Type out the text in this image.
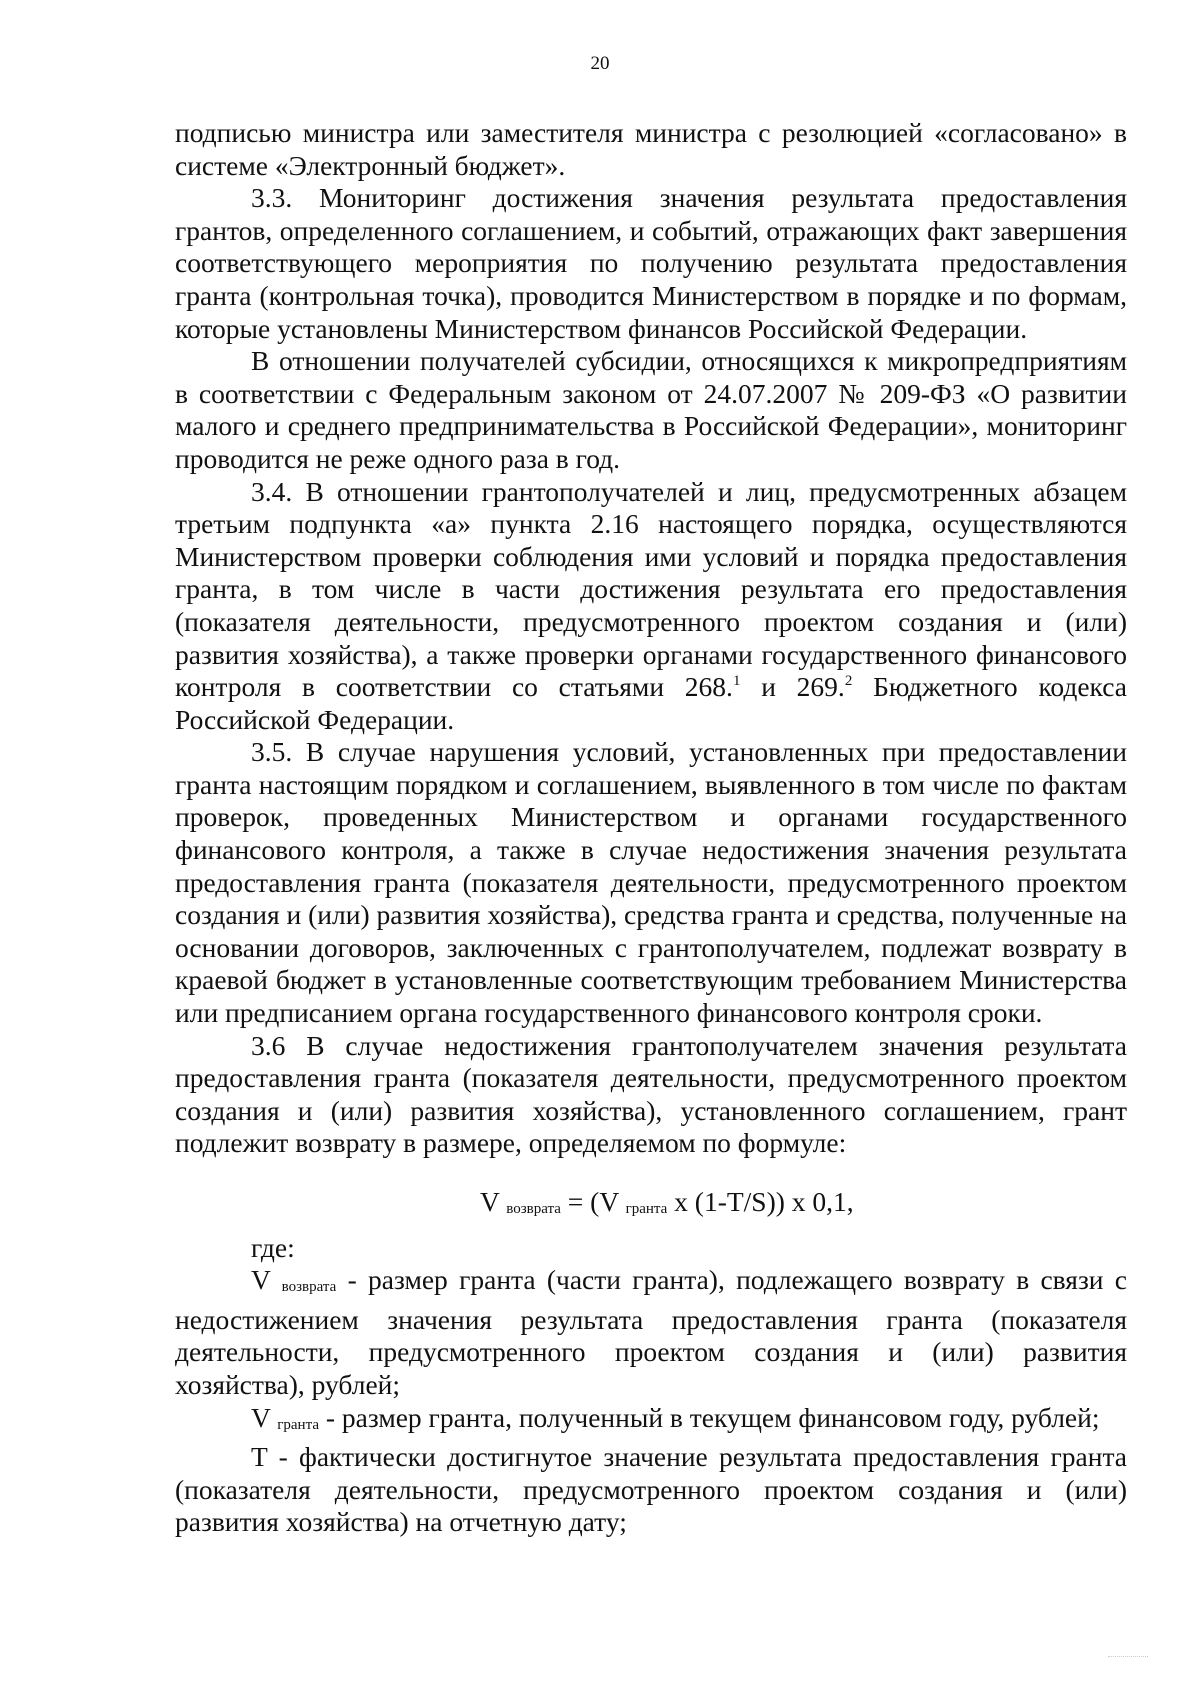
20

подписью министра или заместителя министра с резолюцией «согласовано» в системе «Электронный бюджет».

3.3. Мониторинг достижения значения результата предоставления грантов, определенного соглашением, и событий, отражающих факт завершения соответствующего мероприятия по получению результата предоставления гранта (контрольная точка), проводится Министерством в порядке и по формам, которые установлены Министерством финансов Российской Федерации.

В отношении получателей субсидии, относящихся к микропредприятиям в соответствии с Федеральным законом от 24.07.2007 № 209-ФЗ «О развитии малого и среднего предпринимательства в Российской Федерации», мониторинг проводится не реже одного раза в год.

3.4. В отношении грантополучателей и лиц, предусмотренных абзацем третьим подпункта «а» пункта 2.16 настоящего порядка, осуществляются Министерством проверки соблюдения ими условий и порядка предоставления гранта, в том числе в части достижения результата его предоставления (показателя деятельности, предусмотренного проектом создания и (или) развития хозяйства), а также проверки органами государственного финансового контроля в соответствии со статьями 268.$^1$ и 269.$^2$ Бюджетного кодекса Российской Федерации.

3.5. В случае нарушения условий, установленных при предоставлении гранта настоящим порядком и соглашением, выявленного в том числе по фактам проверок, проведенных Министерством и органами государственного финансового контроля, а также в случае недостижения значения результата предоставления гранта (показателя деятельности, предусмотренного проектом создания и (или) развития хозяйства), средства гранта и средства, полученные на основании договоров, заключенных с грантополучателем, подлежат возврату в краевой бюджет в установленные соответствующим требованием Министерства или предписанием органа государственного финансового контроля сроки.

3.6 В случае недостижения грантополучателем значения результата предоставления гранта (показателя деятельности, предусмотренного проектом создания и (или) развития хозяйства), установленного соглашением, грант подлежит возврату в размере, определяемом по формуле:

V возврата = (V гранта x (1-T/S)) x 0,1,

где:

V возврата - размер гранта (части гранта), подлежащего возврату в связи с недостижением значения результата предоставления гранта (показателя деятельности, предусмотренного проектом создания и (или) развития хозяйства), рублей;

V гранта - размер гранта, полученный в текущем финансовом году, рублей;

T - фактически достигнутое значение результата предоставления гранта (показателя деятельности, предусмотренного проектом создания и (или) развития хозяйства) на отчетную дату;
